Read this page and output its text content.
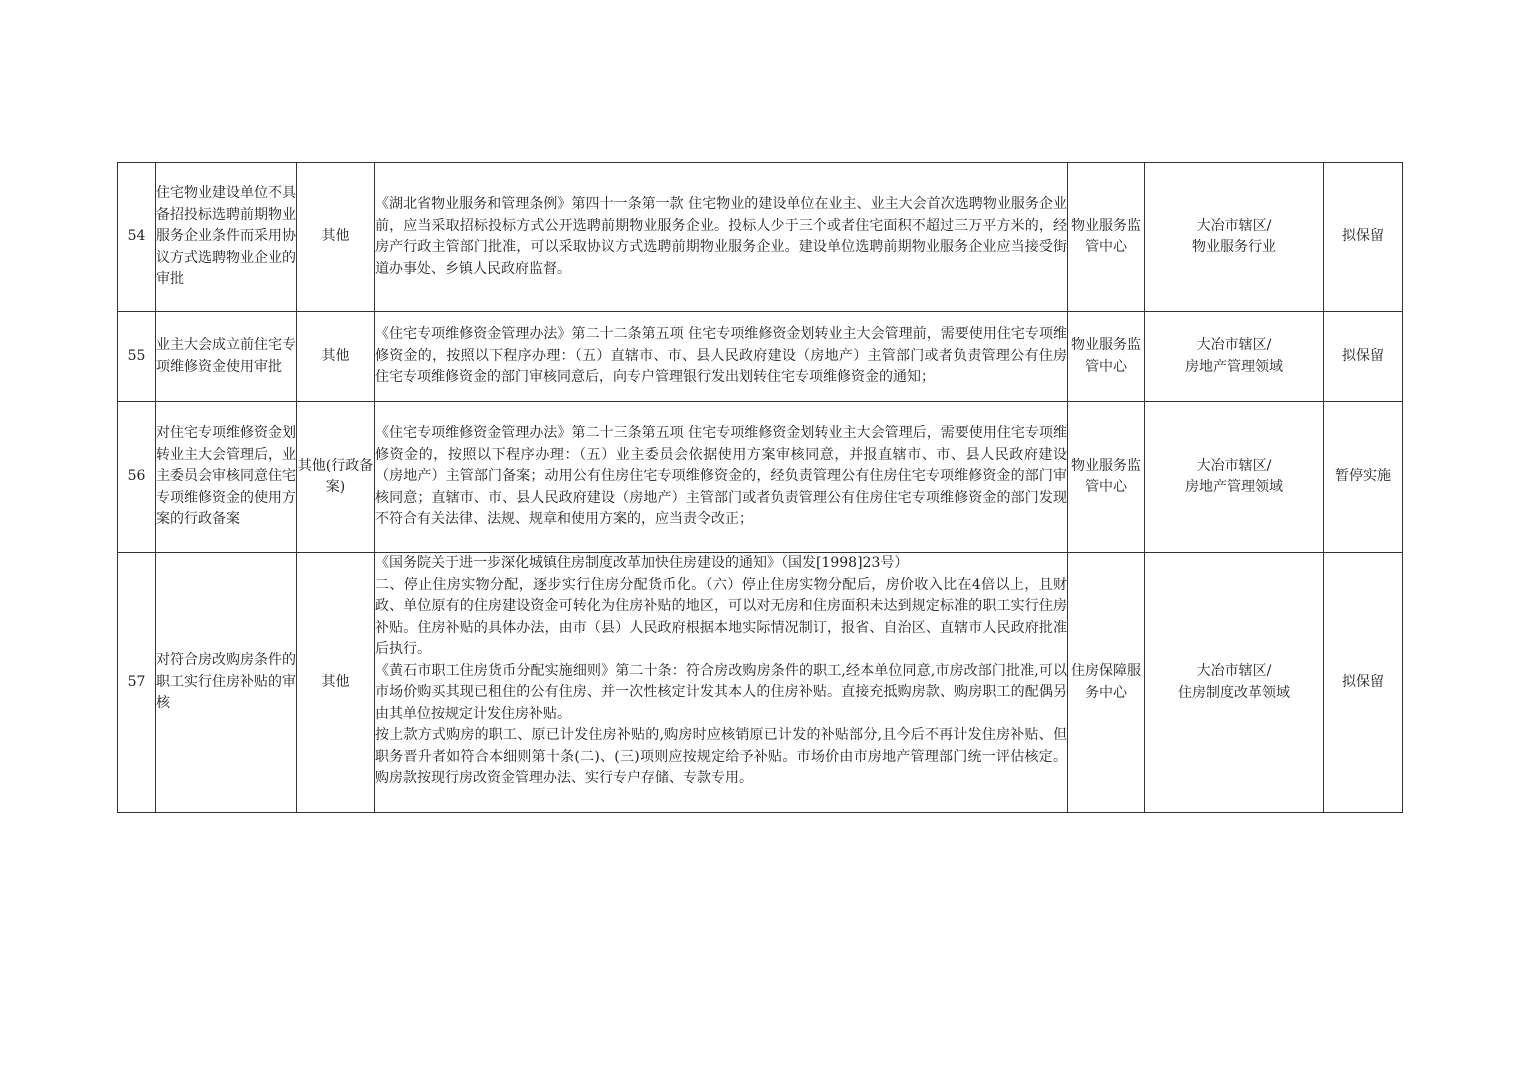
54	住宅物业建设单位不具备招投标选聘前期物业服务企业条件而采用协议方式选聘物业企业的审批	其他	《湖北省物业服务和管理条例》第四十一条第一款 住宅物业的建设单位在业主、业主大会首次选聘物业服务企业前，应当采取招标投标方式公开选聘前期物业服务企业。投标人少于三个或者住宅面积不超过三万平方米的，经房产行政主管部门批准，可以采取协议方式选聘前期物业服务企业。建设单位选聘前期物业服务企业应当接受街道办事处、乡镇人民政府监督。	物业服务监管中心	大冶市辖区/
物业服务行业	拟保留
55	业主大会成立前住宅专项维修资金使用审批	其他	《住宅专项维修资金管理办法》第二十二条第五项 住宅专项维修资金划转业主大会管理前，需要使用住宅专项维修资金的，按照以下程序办理：（五）直辖市、市、县人民政府建设（房地产）主管部门或者负责管理公有住房住宅专项维修资金的部门审核同意后，向专户管理银行发出划转住宅专项维修资金的通知；	物业服务监管中心	大冶市辖区/
房地产管理领域	拟保留
56	对住宅专项维修资金划转业主大会管理后，业主委员会审核同意住宅专项维修资金的使用方案的行政备案	其他(行政备案)	《住宅专项维修资金管理办法》第二十三条第五项 住宅专项维修资金划转业主大会管理后，需要使用住宅专项维修资金的，按照以下程序办理：（五）业主委员会依据使用方案审核同意，并报直辖市、市、县人民政府建设（房地产）主管部门备案；动用公有住房住宅专项维修资金的，经负责管理公有住房住宅专项维修资金的部门审核同意；直辖市、市、县人民政府建设（房地产）主管部门或者负责管理公有住房住宅专项维修资金的部门发现不符合有关法律、法规、规章和使用方案的，应当责令改正；	物业服务监管中心	大冶市辖区/
房地产管理领域	暂停实施
57	对符合房改购房条件的职工实行住房补贴的审核	其他	《国务院关于进一步深化城镇住房制度改革加快住房建设的通知》（国发[1998]23号）
二、停止住房实物分配，逐步实行住房分配货币化。（六）停止住房实物分配后，房价收入比在4倍以上，且财政、单位原有的住房建设资金可转化为住房补贴的地区，可以对无房和住房面积未达到规定标准的职工实行住房补贴。住房补贴的具体办法，由市（县）人民政府根据本地实际情况制订，报省、自治区、直辖市人民政府批准后执行。
《黄石市职工住房货币分配实施细则》第二十条：符合房改购房条件的职工,经本单位同意,市房改部门批准,可以市场价购买其现已租住的公有住房、并一次性核定计发其本人的住房补贴。直接充抵购房款、购房职工的配偶另由其单位按规定计发住房补贴。
按上款方式购房的职工、原已计发住房补贴的,购房时应核销原已计发的补贴部分,且今后不再计发住房补贴、但职务晋升者如符合本细则第十条(二)、(三)项则应按规定给予补贴。市场价由市房地产管理部门统一评估核定。购房款按现行房改资金管理办法、实行专户存储、专款专用。	住房保障服务中心	大冶市辖区/
住房制度改革领域	拟保留
